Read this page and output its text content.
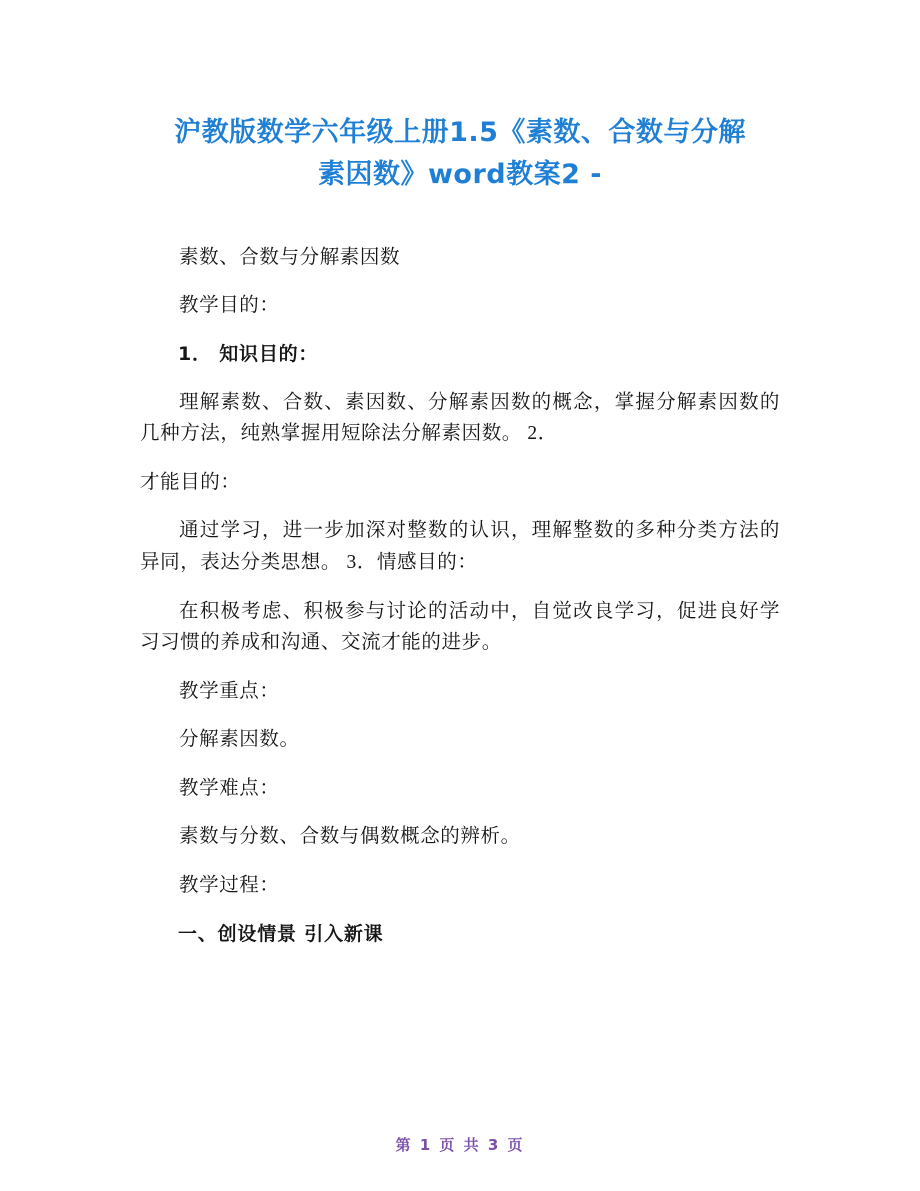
沪教版数学六年级上册1.5《素数、合数与分解
素因数》word教案2 -

素数、合数与分解素因数

教学目的：

1． 知识目的：

理解素数、合数、素因数、分解素因数的概念，掌握分解素因数的几种方法，纯熟掌握用短除法分解素因数。 2．

才能目的：

通过学习，进一步加深对整数的认识，理解整数的多种分类方法的异同，表达分类思想。 3．情感目的：

在积极考虑、积极参与讨论的活动中，自觉改良学习，促进良好学习习惯的养成和沟通、交流才能的进步。

教学重点：

分解素因数。

教学难点：

素数与分数、合数与偶数概念的辨析。

教学过程：

一、创设情景 引入新课

第 1 页 共 3 页
